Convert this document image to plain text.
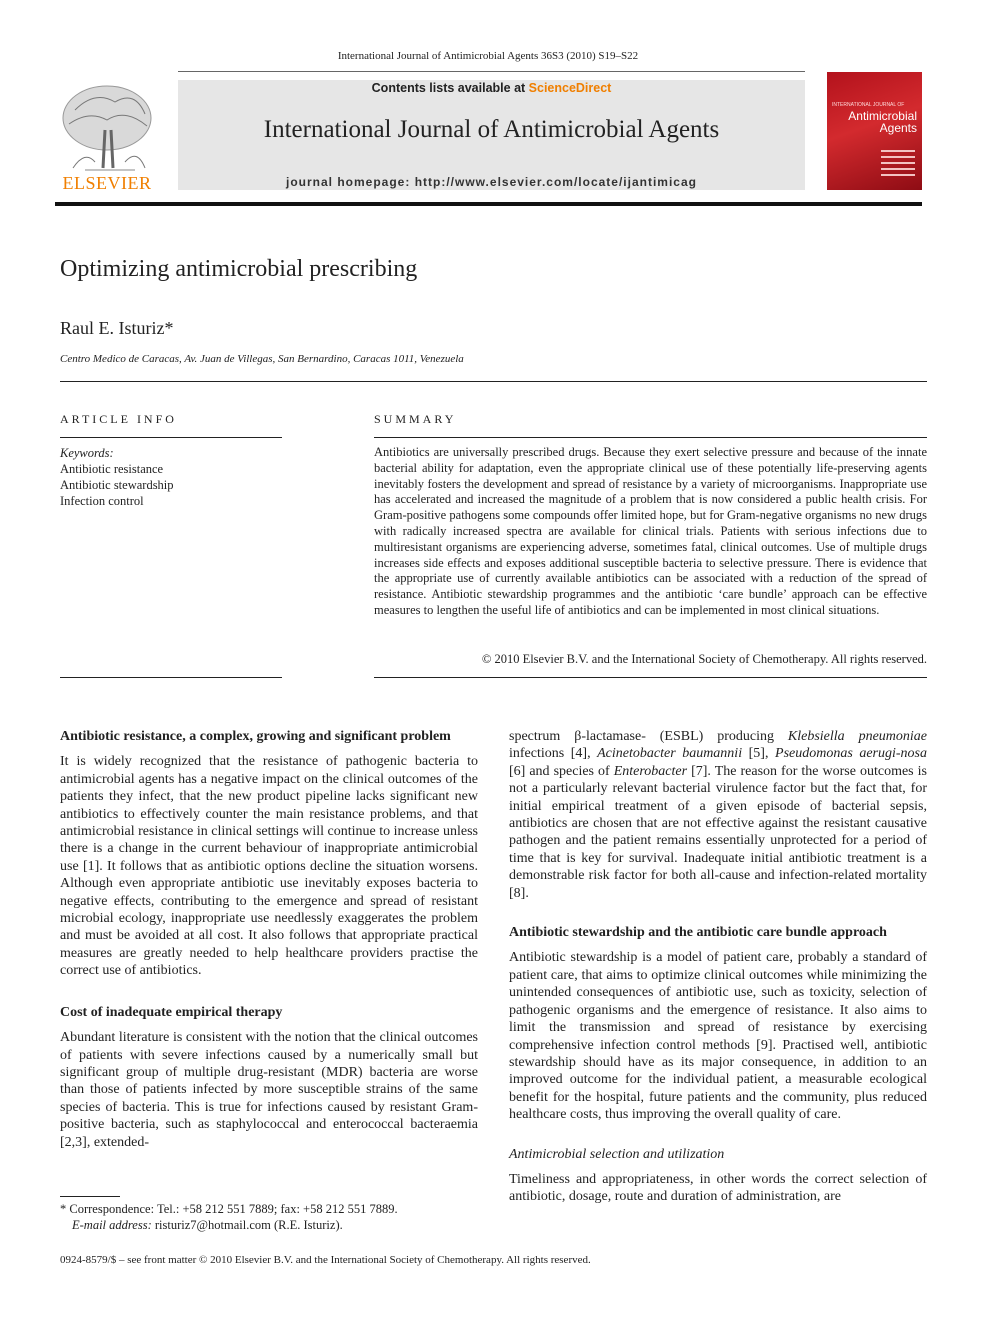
International Journal of Antimicrobial Agents 36S3 (2010) S19–S22
ELSEVIER
Contents lists available at ScienceDirect
International Journal of Antimicrobial Agents
journal homepage: http://www.elsevier.com/locate/ijantimicag
INTERNATIONAL JOURNAL OF
Antimicrobial Agents
Optimizing antimicrobial prescribing
Raul E. Isturiz*
Centro Medico de Caracas, Av. Juan de Villegas, San Bernardino, Caracas 1011, Venezuela
ARTICLE INFO
Keywords:
Antibiotic resistance
Antibiotic stewardship
Infection control
SUMMARY
Antibiotics are universally prescribed drugs. Because they exert selective pressure and because of the innate bacterial ability for adaptation, even the appropriate clinical use of these potentially life-preserving agents inevitably fosters the development and spread of resistance by a variety of microorganisms. Inappropriate use has accelerated and increased the magnitude of a problem that is now considered a public health crisis. For Gram-positive pathogens some compounds offer limited hope, but for Gram-negative organisms no new drugs with radically increased spectra are available for clinical trials. Patients with serious infections due to multiresistant organisms are experiencing adverse, sometimes fatal, clinical outcomes. Use of multiple drugs increases side effects and exposes additional susceptible bacteria to selective pressure. There is evidence that the appropriate use of currently available antibiotics can be associated with a reduction of the spread of resistance. Antibiotic stewardship programmes and the antibiotic ‘care bundle’ approach can be effective measures to lengthen the useful life of antibiotics and can be implemented in most clinical situations.
© 2010 Elsevier B.V. and the International Society of Chemotherapy. All rights reserved.
Antibiotic resistance, a complex, growing and significant problem

It is widely recognized that the resistance of pathogenic bacteria to antimicrobial agents has a negative impact on the clinical outcomes of the patients they infect, that the new product pipeline lacks significant new antibiotics to effectively counter the main resistance problems, and that antimicrobial resistance in clinical settings will continue to increase unless there is a change in the current behaviour of inappropriate antimicrobial use [1]. It follows that as antibiotic options decline the situation worsens. Although even appropriate antibiotic use inevitably exposes bacteria to negative effects, contributing to the emergence and spread of resistant microbial ecology, inappropriate use needlessly exaggerates the problem and must be avoided at all cost. It also follows that appropriate practical measures are greatly needed to help healthcare providers practise the correct use of antibiotics.

Cost of inadequate empirical therapy

Abundant literature is consistent with the notion that the clinical outcomes of patients with severe infections caused by a numerically small but significant group of multiple drug-resistant (MDR) bacteria are worse than those of patients infected by more susceptible strains of the same species of bacteria. This is true for infections caused by resistant Gram-positive bacteria, such as staphylococcal and enterococcal bacteraemia [2,3], extended-

* Correspondence: Tel.: +58 212 551 7889; fax: +58 212 551 7889.
E-mail address: risturiz7@hotmail.com (R.E. Isturiz).

spectrum β-lactamase- (ESBL) producing Klebsiella pneumoniae infections [4], Acinetobacter baumannii [5], Pseudomonas aerugi-nosa [6] and species of Enterobacter [7]. The reason for the worse outcomes is not a particularly relevant bacterial virulence factor but the fact that, for initial empirical treatment of a given episode of bacterial sepsis, antibiotics are chosen that are not effective against the resistant causative pathogen and the patient remains essentially unprotected for a period of time that is key for survival. Inadequate initial antibiotic treatment is a demonstrable risk factor for both all-cause and infection-related mortality [8].

Antibiotic stewardship and the antibiotic care bundle approach

Antibiotic stewardship is a model of patient care, probably a standard of patient care, that aims to optimize clinical outcomes while minimizing the unintended consequences of antibiotic use, such as toxicity, selection of pathogenic organisms and the emergence of resistance. It also aims to limit the transmission and spread of resistance by exercising comprehensive infection control methods [9]. Practised well, antibiotic stewardship should have as its major consequence, in addition to an improved outcome for the individual patient, a measurable ecological benefit for the hospital, future patients and the community, plus reduced healthcare costs, thus improving the overall quality of care.

Antimicrobial selection and utilization

Timeliness and appropriateness, in other words the correct selection of antibiotic, dosage, route and duration of administration, are

0924-8579/$ – see front matter © 2010 Elsevier B.V. and the International Society of Chemotherapy. All rights reserved.
